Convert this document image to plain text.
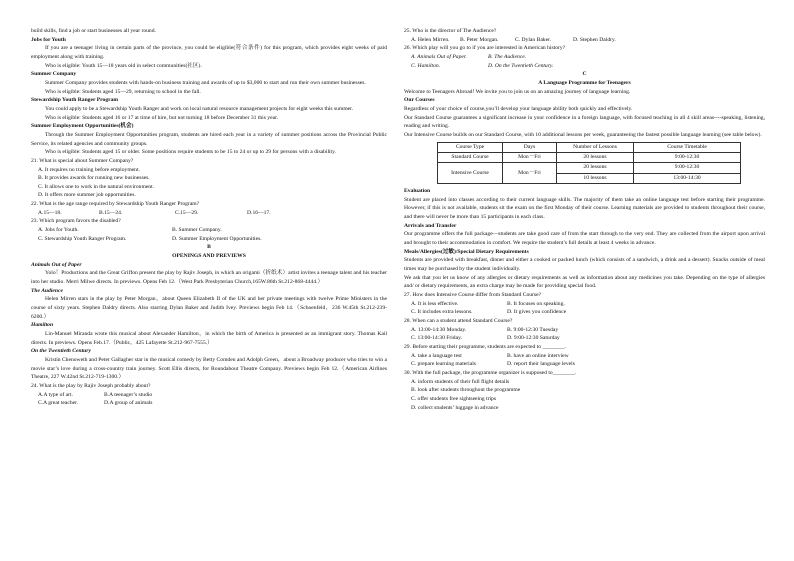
build skills, find a job or start businesses all year round.

Jobs for Youth

If you are a teenager living in certain parts of the province, you could be eligible(符合条件) for this program, which provides eight weeks of paid employment along with training.

Who is eligible: Youth 15—18 years old in select communities(社区).

Summer Company

Summer Company provides students with hands-on business training and awards of up to $3,000 to start and run their own summer businesses.

Who is eligible: Students aged 15—29, returning to school in the fall.

Stewardship Youth Ranger Program

You could apply to be a Stewardship Youth Ranger and work on local natural resource management projects for eight weeks this summer.

Who is eligible: Students aged 16 or 17 at time of hire, but not turning 18 before December 31 this year.

Summer Employment Opportunities(机会)

Through the Summer Employment Opportunities program, students are hired each year in a variety of summer positions across the Provincial Public Service, its related agencies and community groups.

Who is eligible: Students aged 15 or older. Some positions require students to be 15 to 24 or up to 29 for persons with a disability.

21. What is special about Summer Company?

A. It requires no training before employment.

B. It provides awards for running new businesses.

C. It allows one to work in the natural environment.

D. It offers more summer job opportunities.

22. What is the age range required by Stewardship Youth Ranger Program?

A.15—18.	B.15—24.	C.15—29.	D.16—17.

23. Which program favors the disabled?

A. Jobs for Youth.	B. Summer Company.
C. Stewardship Youth Ranger Program.	D. Summer Employment Opportunities.

B

OPENINGS AND PREVIEWS

Animals Out of Paper

Yolo！Productions and the Great Griffon present the play by Rajiv Joseph, in which an origami（折纸术）artist invites a teenage talent and his teacher into her studio. Merri Milwe directs. In previews. Opens Feb 12.（West Park Presbyterian Church,165W.86th St.212-868-4444.）

The Audience

Helen Mirren stars in the play by Peter Morgan，about Queen Elizabeth II of the UK and her private meetings with twelve Prime Ministers in the course of sixty years. Stephen Daldry directs. Also starring Dylan Baker and Judith Ivey. Previews begin Feb 14.（Schoenfeld，236 W.45th St.212-239-6200.）

Hamilton

Lin-Manuel Miranda wrote this musical about Alexander Hamilton，in which the birth of America is presented as an immigrant story. Thomas Kail directs. In previews. Opens Feb.17.（Public，425 Lafayette St.212-967-7555.）

On the Twentieth Century

Kristin Chenoweth and Peter Gallagher star in the musical comedy by Betty Comden and Adolph Green，about a Broadway producer who tries to win a movie star’s love during a cross-country train journey. Scott Ellis directs, for Roundabout Theatre Company. Previews begin Feb 12.（American Airlines Theatre, 227 W.42nd St.212-719-1300.）

24. What is the play by Rajiv Joseph probably about?

A.A type of art.	B.A teenager’s studio
C.A great teacher.	D.A group of animals

25. Who is the director of The Audience?

A. Helen Mirren.	B. Peter Morgan.	C. Dylan Baker.	D. Stephen Daldry.

26. Which play will you go to if you are interested in American history?

A. Animals Out of Paper.	B. The Audience.
C. Hamilton.	D. On the Twentieth Century.

C

A Language Programme for Teenagers

Welcome to Teenagers Abroad! We invite you to join us on an amazing journey of language learning.

Our Courses

Regardless of your choice of course,you’ll develop your language ability both quickly and effectively.

Our Standard Course guarantees a significant increase in your confidence in a foreign language, with focused teaching in all 4 skill areas----speaking, listening, reading and writing.

Our Intensive Course builds on our Standard Course, with 10 additional lessons per week, guaranteeing the fastest possible language learning (see table below).

Course Type	Days	Number of Lessons	Course Timetable
Standard Course	Mon－Fri	20 lessons	9:00-12:30
Intensive Course	Mon－Fri	20 lessons	9:00-12:30
		10 lessons	13:00-14:30

Evaluation

Student are placed into classes according to their current language skills. The majority of them take an online language test before starting their programme. However, if this is not available, students sit the exam on the first Monday of their course. Learning materials are provided to students throughout their course, and there will never be more than 15 participants in each class.

Arrivals and Transfer

Our programme offers the full package—students are take good care of from the start through to the very end. They are collected from the airport upon arrival and brought to their accommodation in comfort. We require the student’s full details at least 4 weeks in advance.

Meals/Allergies(过敏)/Special Dietary Requirements

Students are provided with breakfast, dinner and either a cooked or packed lunch (which consists of a sandwich, a drink and a dessert). Snacks outside of meal times may be purchased by the student individually.

We ask that you let us know of any allergies or dietary requirements as well as information about any medicines you take. Depending on the type of allergies and/ or dietary requirements, an extra charge may be made for providing special food.

27. How does Intensive Course differ from Standard Course?

A. It is less effective.	B. It focuses on speaking.
C. It includes extra lessons.	D. It gives you confidence

28. When can a student attend Standard Course?

A. 13:00-14:30 Monday.	B. 9:00-12:30 Tuesday
C. 13:00-14:30 Friday.	D. 9:00-12:30 Saturday

29. Before starting their programme, students are expected to ________.

A. take a language test	B. have an online interview
C. prepare learning materials	D. report their language levels

30. With the full package, the programme organizer is supposed to________.

A. inform students of their full flight details

B. look after students throughout the programme

C. offer students free sightseeing trips

D. collect students’ luggage in advance
